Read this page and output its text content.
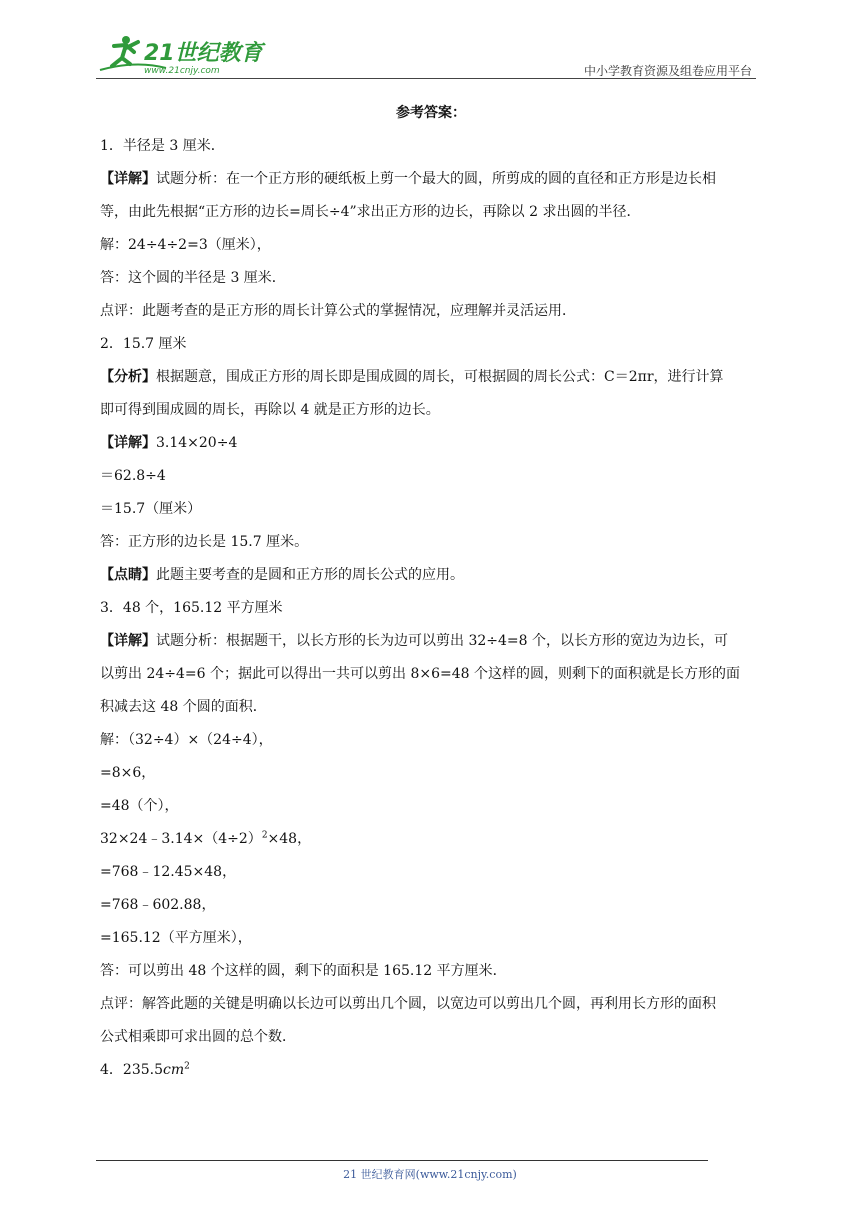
21世纪教育
www.21cnjy.com	中小学教育资源及组卷应用平台
参考答案：
1．半径是 3 厘米．
【详解】试题分析：在一个正方形的硬纸板上剪一个最大的圆，所剪成的圆的直径和正方形是边长相
等，由此先根据“正方形的边长=周长÷4”求出正方形的边长，再除以 2 求出圆的半径．
解：24÷4÷2=3（厘米），
答：这个圆的半径是 3 厘米．
点评：此题考查的是正方形的周长计算公式的掌握情况，应理解并灵活运用．
2．15.7 厘米
【分析】根据题意，围成正方形的周长即是围成圆的周长，可根据圆的周长公式：C＝2πr，进行计算
即可得到围成圆的周长，再除以 4 就是正方形的边长。
【详解】3.14×20÷4
＝62.8÷4
＝15.7（厘米）
答：正方形的边长是 15.7 厘米。
【点睛】此题主要考查的是圆和正方形的周长公式的应用。
3．48 个，165.12 平方厘米
【详解】试题分析：根据题干，以长方形的长为边可以剪出 32÷4=8 个，以长方形的宽边为边长，可
以剪出 24÷4=6 个；据此可以得出一共可以剪出 8×6=48 个这样的圆，则剩下的面积就是长方形的面
积减去这 48 个圆的面积．
解：（32÷4）×（24÷4），
=8×6，
=48（个），
$32\times 24﹣3.14\times(4\div 2)^2\times 48$，
=768﹣12.45×48，
=768﹣602.88，
=165.12（平方厘米），
答：可以剪出 48 个这样的圆，剩下的面积是 165.12 平方厘米．
点评：解答此题的关键是明确以长边可以剪出几个圆，以宽边可以剪出几个圆，再利用长方形的面积
公式相乘即可求出圆的总个数．
4．$235.5cm^2$
21 世纪教育网(www.21cnjy.com)
